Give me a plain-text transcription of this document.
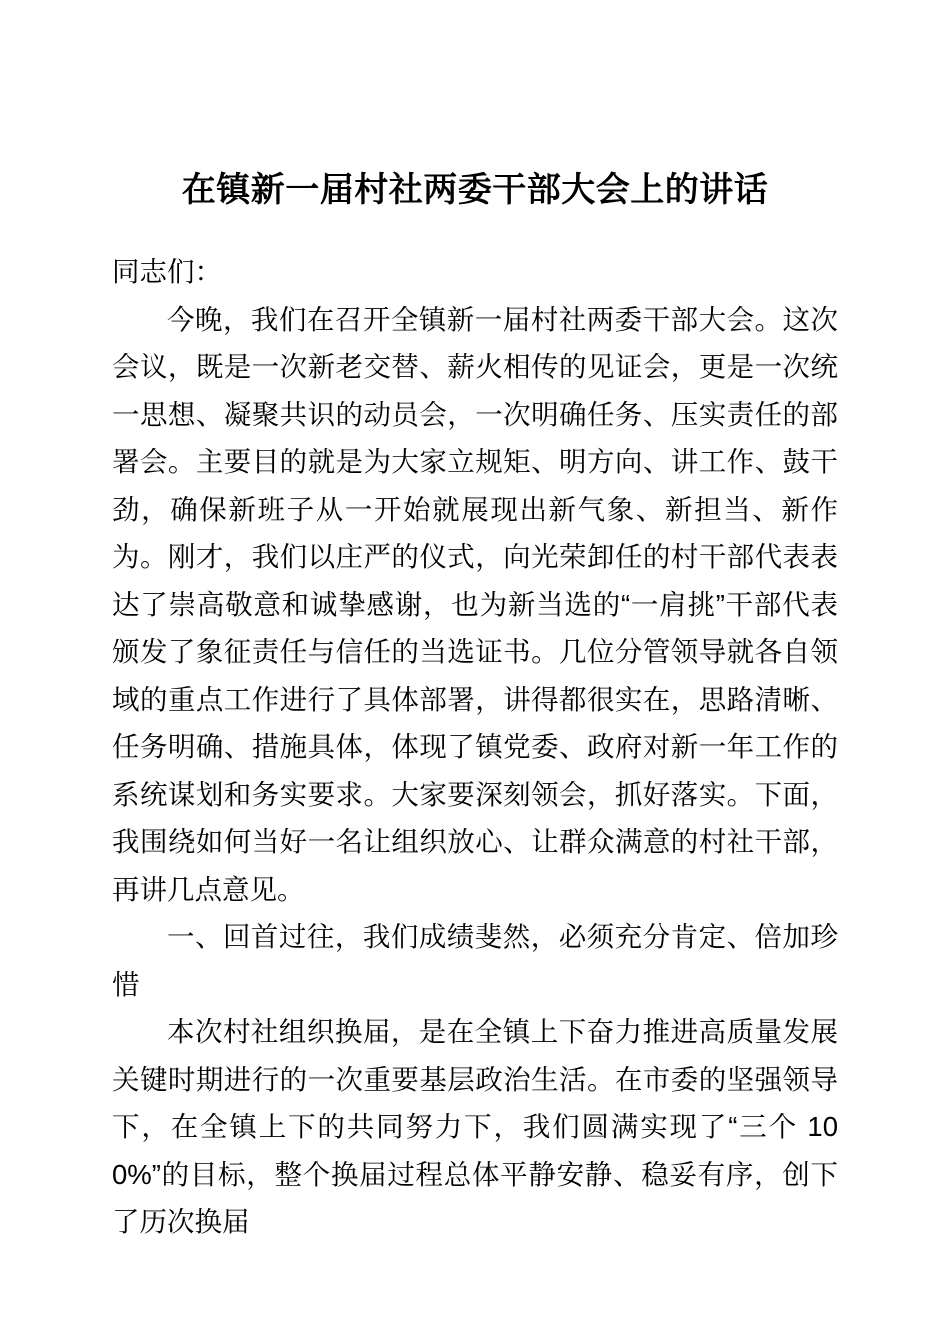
在镇新一届村社两委干部大会上的讲话

同志们：

今晚，我们在召开全镇新一届村社两委干部大会。这次会议，既是一次新老交替、薪火相传的见证会，更是一次统一思想、凝聚共识的动员会，一次明确任务、压实责任的部署会。主要目的就是为大家立规矩、明方向、讲工作、鼓干劲，确保新班子从一开始就展现出新气象、新担当、新作为。刚才，我们以庄严的仪式，向光荣卸任的村干部代表表达了崇高敬意和诚挚感谢，也为新当选的“一肩挑”干部代表颁发了象征责任与信任的当选证书。几位分管领导就各自领域的重点工作进行了具体部署，讲得都很实在，思路清晰、任务明确、措施具体，体现了镇党委、政府对新一年工作的系统谋划和务实要求。大家要深刻领会，抓好落实。下面，我围绕如何当好一名让组织放心、让群众满意的村社干部，再讲几点意见。

一、回首过往，我们成绩斐然，必须充分肯定、倍加珍惜

本次村社组织换届，是在全镇上下奋力推进高质量发展关键时期进行的一次重要基层政治生活。在市委的坚强领导下，在全镇上下的共同努力下，我们圆满实现了“三个 100%”的目标，整个换届过程总体平静安静、稳妥有序，创下了历次换届
